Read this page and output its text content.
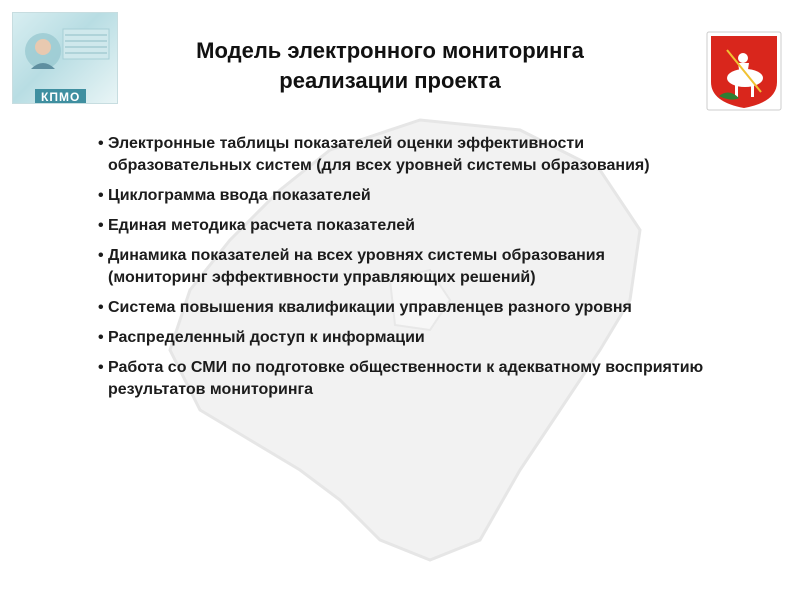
КПМО
Модель электронного мониторинга
реализации проекта
• Электронные таблицы показателей оценки эффективности образовательных систем (для всех уровней системы образования)
• Циклограмма ввода показателей
• Единая методика расчета показателей
• Динамика показателей на всех уровнях системы образования (мониторинг эффективности управляющих решений)
• Система повышения квалификации управленцев разного уровня
• Распределенный доступ к информации
• Работа со СМИ по подготовке общественности к адекватному восприятию результатов мониторинга
